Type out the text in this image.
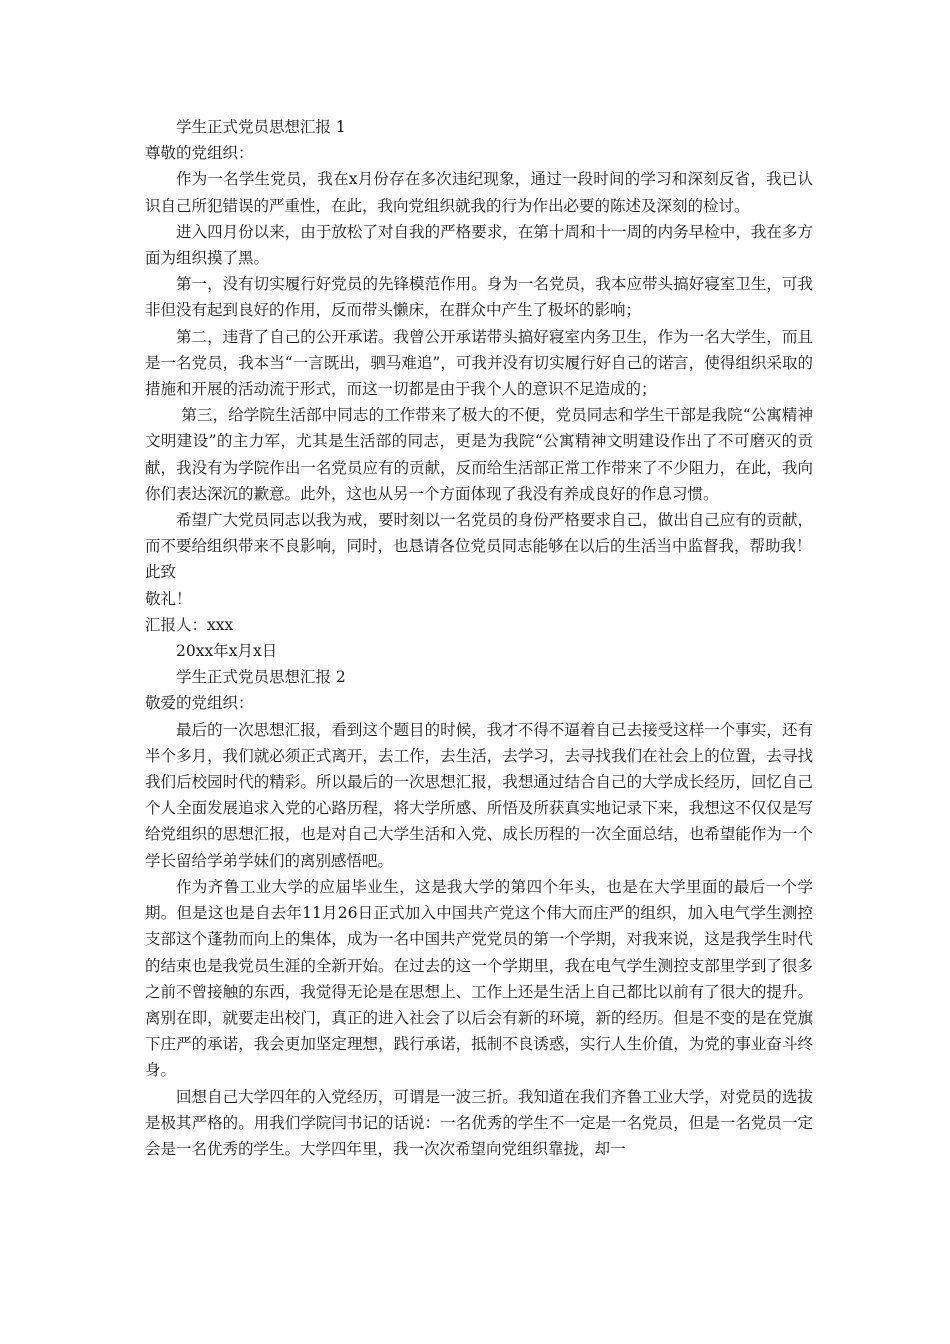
学生正式党员思想汇报 1

尊敬的党组织：

作为一名学生党员，我在x月份存在多次违纪现象，通过一段时间的学习和深刻反省，我已认识自己所犯错误的严重性，在此，我向党组织就我的行为作出必要的陈述及深刻的检讨。

进入四月份以来，由于放松了对自我的严格要求，在第十周和十一周的内务早检中，我在多方面为组织摸了黑。

第一，没有切实履行好党员的先锋模范作用。身为一名党员，我本应带头搞好寝室卫生，可我非但没有起到良好的作用，反而带头懒床，在群众中产生了极坏的影响；

第二，违背了自己的公开承诺。我曾公开承诺带头搞好寝室内务卫生，作为一名大学生，而且是一名党员，我本当“一言既出，驷马难追”，可我并没有切实履行好自己的诺言，使得组织采取的措施和开展的活动流于形式，而这一切都是由于我个人的意识不足造成的；

第三，给学院生活部中同志的工作带来了极大的不便，党员同志和学生干部是我院“公寓精神文明建设”的主力军，尤其是生活部的同志，更是为我院“公寓精神文明建设作出了不可磨灭的贡献，我没有为学院作出一名党员应有的贡献，反而给生活部正常工作带来了不少阻力，在此，我向你们表达深沉的歉意。此外，这也从另一个方面体现了我没有养成良好的作息习惯。

希望广大党员同志以我为戒，要时刻以一名党员的身份严格要求自己，做出自己应有的贡献，而不要给组织带来不良影响，同时，也恳请各位党员同志能够在以后的生活当中监督我，帮助我！

此致

敬礼！

汇报人：xxx

20xx年x月x日

学生正式党员思想汇报 2

敬爱的党组织：

最后的一次思想汇报，看到这个题目的时候，我才不得不逼着自己去接受这样一个事实，还有半个多月，我们就必须正式离开，去工作，去生活，去学习，去寻找我们在社会上的位置，去寻找我们后校园时代的精彩。所以最后的一次思想汇报，我想通过结合自己的大学成长经历，回忆自己个人全面发展追求入党的心路历程，将大学所感、所悟及所获真实地记录下来，我想这不仅仅是写给党组织的思想汇报，也是对自己大学生活和入党、成长历程的一次全面总结，也希望能作为一个学长留给学弟学妹们的离别感悟吧。

作为齐鲁工业大学的应届毕业生，这是我大学的第四个年头，也是在大学里面的最后一个学期。但是这也是自去年11月26日正式加入中国共产党这个伟大而庄严的组织，加入电气学生测控支部这个蓬勃而向上的集体，成为一名中国共产党党员的第一个学期，对我来说，这是我学生时代的结束也是我党员生涯的全新开始。在过去的这一个学期里，我在电气学生测控支部里学到了很多之前不曾接触的东西，我觉得无论是在思想上、工作上还是生活上自己都比以前有了很大的提升。离别在即，就要走出校门，真正的进入社会了以后会有新的环境，新的经历。但是不变的是在党旗下庄严的承诺，我会更加坚定理想，践行承诺，抵制不良诱惑，实行人生价值，为党的事业奋斗终身。

回想自己大学四年的入党经历，可谓是一波三折。我知道在我们齐鲁工业大学，对党员的选拔是极其严格的。用我们学院闫书记的话说：一名优秀的学生不一定是一名党员，但是一名党员一定会是一名优秀的学生。大学四年里，我一次次希望向党组织靠拢，却一
